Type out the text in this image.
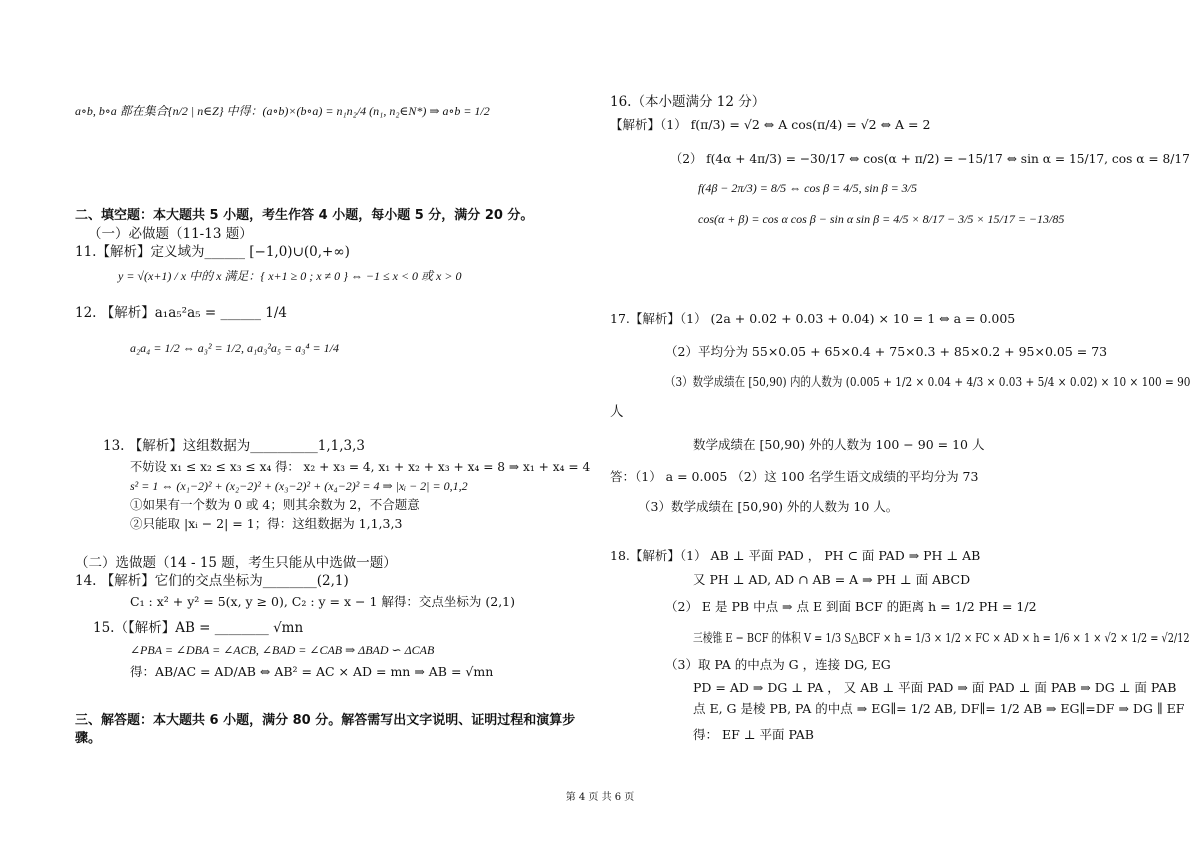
a∘b, b∘a 都在集合{n/2 | n∈Z} 中得：(a∘b)×(b∘a) = n₁n₂/4 (n₁, n₂∈N*) ⇒ a∘b = 1/2
二、填空题：本大题共 5 小题，考生作答 4 小题，每小题 5 分，满分 20 分。
（一）必做题（11-13 题）
11.【解析】定义域为______ [−1,0)∪(0,+∞)
y = √(x+1) / x 中的 x 满足：{ x+1 ≥ 0 ; x ≠ 0 } ⇔ −1 ≤ x < 0 或 x > 0
12. 【解析】a₁a₅²a₅ = ______ 1/4
a₂a₄ = 1/2 ⇔ a₃² = 1/2, a₁a₃²a₅ = a₃⁴ = 1/4
13. 【解析】这组数据为__________1,1,3,3
不妨设 x₁ ≤ x₂ ≤ x₃ ≤ x₄ 得： x₂ + x₃ = 4, x₁ + x₂ + x₃ + x₄ = 8 ⇒ x₁ + x₄ = 4
s² = 1 ⇔ (x₁−2)² + (x₂−2)² + (x₃−2)² + (x₄−2)² = 4 ⇒ |xᵢ − 2| = 0,1,2
①如果有一个数为 0 或 4；则其余数为 2，不合题意
②只能取 |xᵢ − 2| = 1；得：这组数据为 1,1,3,3
（二）选做题（14 - 15 题，考生只能从中选做一题）
14. 【解析】它们的交点坐标为________(2,1)
C₁ : x² + y² = 5(x, y ≥ 0), C₂ : y = x − 1 解得：交点坐标为 (2,1)
15.（【解析】AB = ________ √mn
∠PBA = ∠DBA = ∠ACB, ∠BAD = ∠CAB ⇒ ΔBAD ∽ ΔCAB
得：AB/AC = AD/AB ⇔ AB² = AC × AD = mn ⇒ AB = √mn
三、解答题：本大题共 6 小题，满分 80 分。解答需写出文字说明、证明过程和演算步
骤。
16.（本小题满分 12 分）
【解析】（1） f(π/3) = √2 ⇔ A cos(π/4) = √2 ⇔ A = 2
（2） f(4α + 4π/3) = −30/17 ⇔ cos(α + π/2) = −15/17 ⇔ sin α = 15/17, cos α = 8/17
f(4β − 2π/3) = 8/5 ⇔ cos β = 4/5, sin β = 3/5
cos(α + β) = cos α cos β − sin α sin β = 4/5 × 8/17 − 3/5 × 15/17 = −13/85
17.【解析】（1） (2a + 0.02 + 0.03 + 0.04) × 10 = 1 ⇔ a = 0.005
（2）平均分为 55×0.05 + 65×0.4 + 75×0.3 + 85×0.2 + 95×0.05 = 73
（3）数学成绩在 [50,90) 内的人数为 (0.005 + 1/2 × 0.04 + 4/3 × 0.03 + 5/4 × 0.02) × 10 × 100 = 90
人
数学成绩在 [50,90) 外的人数为 100 − 90 = 10 人
答：（1） a = 0.005 （2）这 100 名学生语文成绩的平均分为 73
（3）数学成绩在 [50,90) 外的人数为 10 人。
18.【解析】（1） AB ⊥ 平面 PAD ， PH ⊂ 面 PAD ⇒ PH ⊥ AB
又 PH ⊥ AD, AD ∩ AB = A ⇒ PH ⊥ 面 ABCD
（2） E 是 PB 中点 ⇒ 点 E 到面 BCF 的距离 h = 1/2 PH = 1/2
三棱锥 E − BCF 的体积 V = 1/3 S△BCF × h = 1/3 × 1/2 × FC × AD × h = 1/6 × 1 × √2 × 1/2 = √2/12
（3）取 PA 的中点为 G ，连接 DG, EG
PD = AD ⇒ DG ⊥ PA ， 又 AB ⊥ 平面 PAD ⇒ 面 PAD ⊥ 面 PAB ⇒ DG ⊥ 面 PAB
点 E, G 是棱 PB, PA 的中点 ⇒ EG∥= 1/2 AB, DF∥= 1/2 AB ⇒ EG∥=DF ⇒ DG ∥ EF
得： EF ⊥ 平面 PAB
第 4 页 共 6 页
